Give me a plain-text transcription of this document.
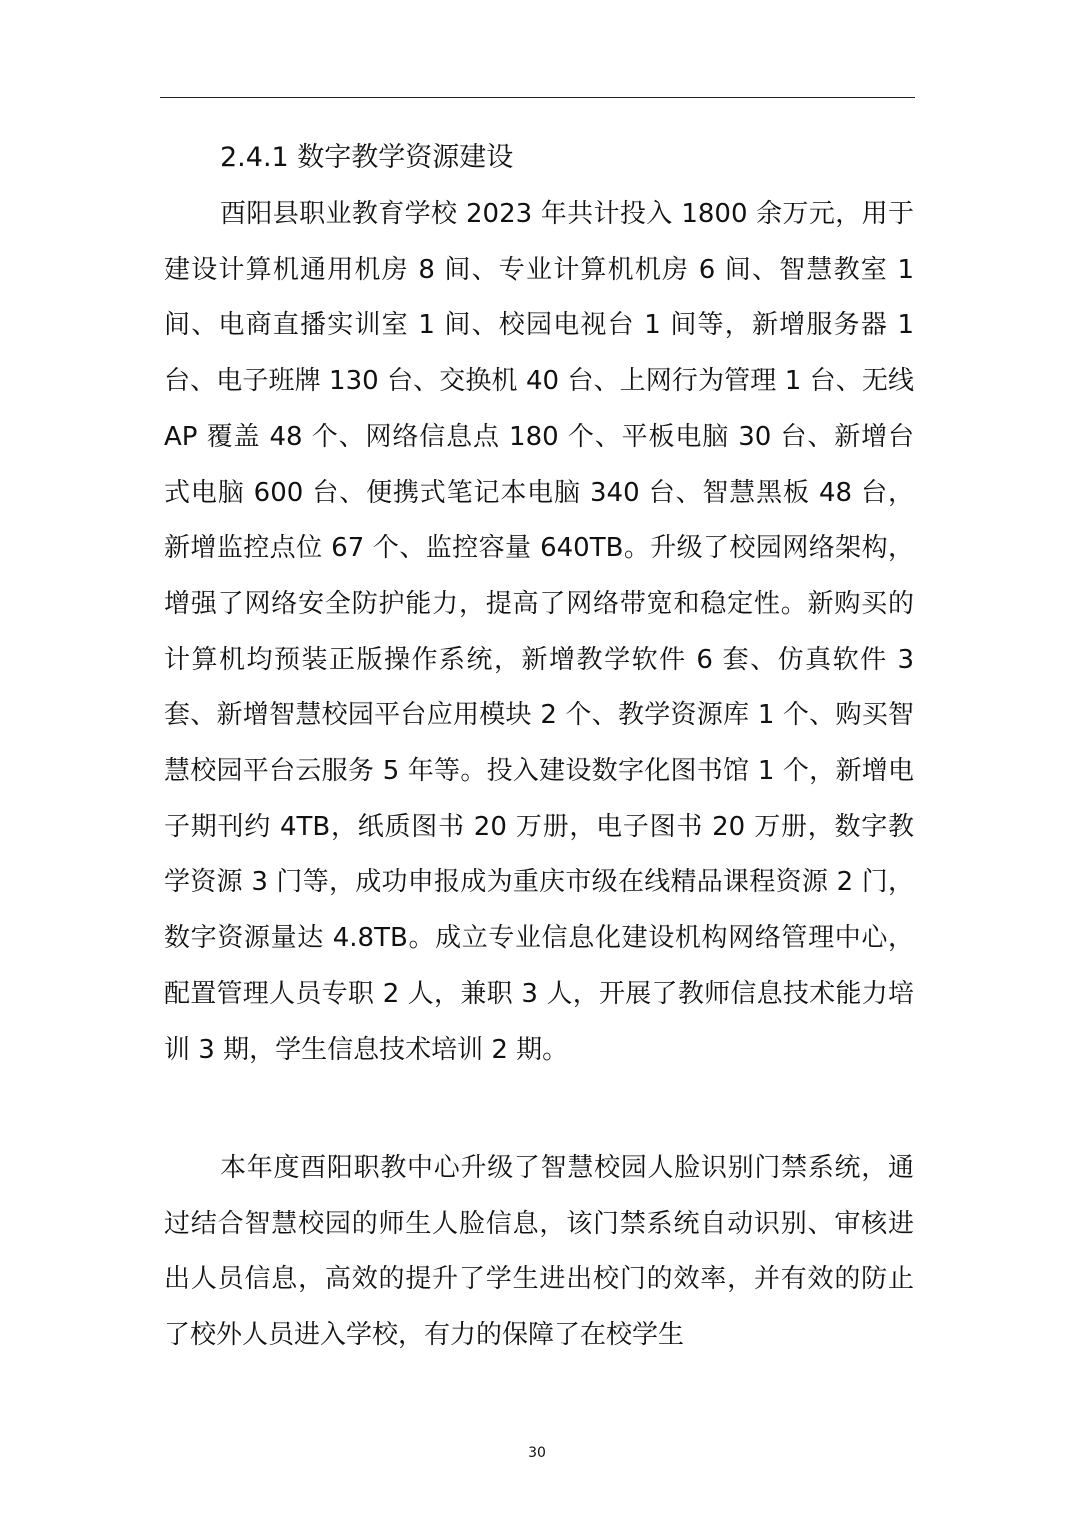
2.4.1 数字教学资源建设

酉阳县职业教育学校 2023 年共计投入 1800 余万元，用于建设计算机通用机房 8 间、专业计算机机房 6 间、智慧教室 1 间、电商直播实训室 1 间、校园电视台 1 间等，新增服务器 1 台、电子班牌 130 台、交换机 40 台、上网行为管理 1 台、无线 AP 覆盖 48 个、网络信息点 180 个、平板电脑 30 台、新增台式电脑 600 台、便携式笔记本电脑 340 台、智慧黑板 48 台，新增监控点位 67 个、监控容量 640TB。升级了校园网络架构，增强了网络安全防护能力，提高了网络带宽和稳定性。新购买的计算机均预装正版操作系统，新增教学软件 6 套、仿真软件 3 套、新增智慧校园平台应用模块 2 个、教学资源库 1 个、购买智慧校园平台云服务 5 年等。投入建设数字化图书馆 1 个，新增电子期刊约 4TB，纸质图书 20 万册，电子图书 20 万册，数字教学资源 3 门等，成功申报成为重庆市级在线精品课程资源 2 门，数字资源量达 4.8TB。成立专业信息化建设机构网络管理中心，配置管理人员专职 2 人，兼职 3 人，开展了教师信息技术能力培训 3 期，学生信息技术培训 2 期。

本年度酉阳职教中心升级了智慧校园人脸识别门禁系统，通过结合智慧校园的师生人脸信息，该门禁系统自动识别、审核进出人员信息，高效的提升了学生进出校门的效率，并有效的防止了校外人员进入学校，有力的保障了在校学生

30
